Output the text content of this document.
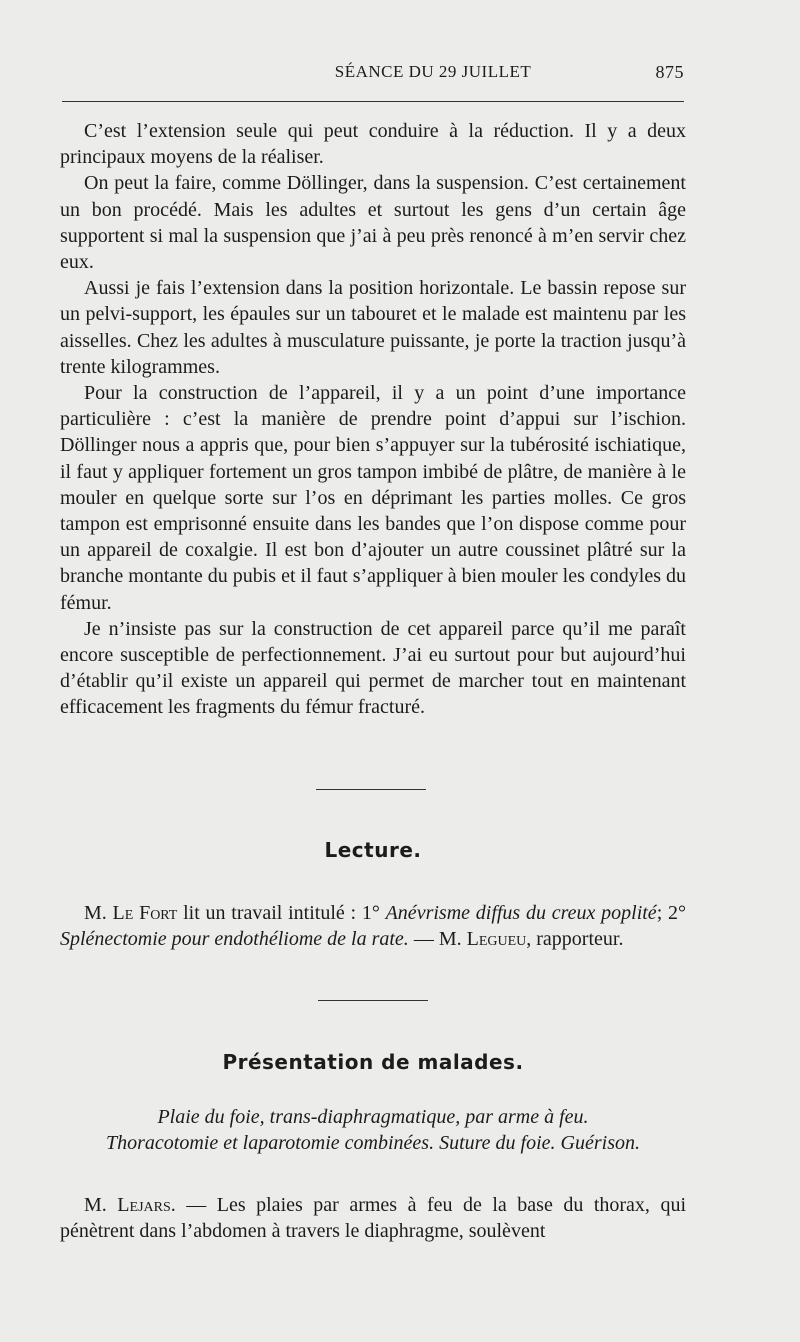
SÉANCE DU 29 JUILLET	875

C’est l’extension seule qui peut conduire à la réduction. Il y a deux principaux moyens de la réaliser.

On peut la faire, comme Döllinger, dans la suspension. C’est certainement un bon procédé. Mais les adultes et surtout les gens d’un certain âge supportent si mal la suspension que j’ai à peu près renoncé à m’en servir chez eux.

Aussi je fais l’extension dans la position horizontale. Le bassin repose sur un pelvi-support, les épaules sur un tabouret et le malade est maintenu par les aisselles. Chez les adultes à musculature puissante, je porte la traction jusqu’à trente kilogrammes.

Pour la construction de l’appareil, il y a un point d’une importance particulière : c’est la manière de prendre point d’appui sur l’ischion. Döllinger nous a appris que, pour bien s’appuyer sur la tubérosité ischiatique, il faut y appliquer fortement un gros tampon imbibé de plâtre, de manière à le mouler en quelque sorte sur l’os en déprimant les parties molles. Ce gros tampon est emprisonné ensuite dans les bandes que l’on dispose comme pour un appareil de coxalgie. Il est bon d’ajouter un autre coussinet plâtré sur la branche montante du pubis et il faut s’appliquer à bien mouler les condyles du fémur.

Je n’insiste pas sur la construction de cet appareil parce qu’il me paraît encore susceptible de perfectionnement. J’ai eu surtout pour but aujourd’hui d’établir qu’il existe un appareil qui permet de marcher tout en maintenant efficacement les fragments du fémur fracturé.

Lecture.

M. Le Fort lit un travail intitulé : 1° Anévrisme diffus du creux poplité; 2° Splénectomie pour endothéliome de la rate. — M. Legueu, rapporteur.

Présentation de malades.
Plaie du foie, trans-diaphragmatique, par arme à feu.
Thoracotomie et laparotomie combinées. Suture du foie. Guérison.

M. Lejars. — Les plaies par armes à feu de la base du thorax, qui pénètrent dans l’abdomen à travers le diaphragme, soulèvent
